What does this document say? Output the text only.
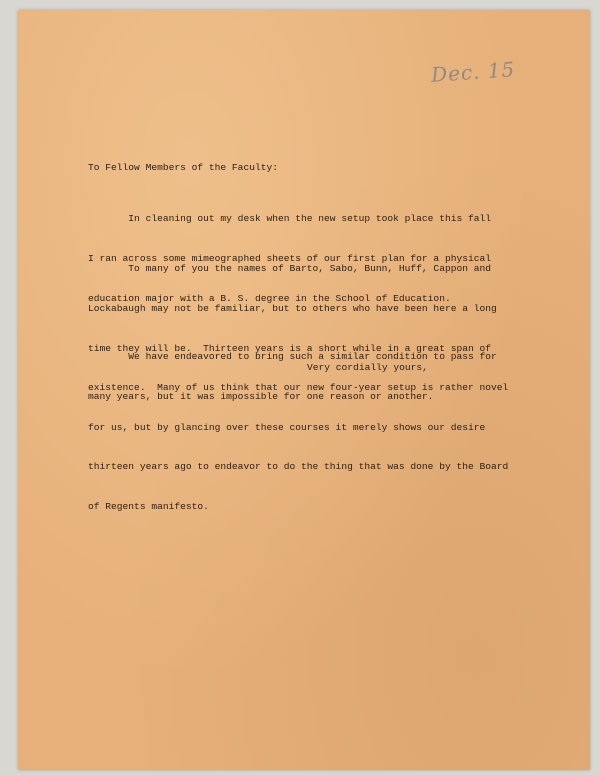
Dec. 15
To Fellow Members of the Faculty:

In cleaning out my desk when the new setup took place this fall

I ran across some mimeographed sheets of our first plan for a physical

education major with a B. S. degree in the School of Education.

To many of you the names of Barto, Sabo, Bunn, Huff, Cappon and

Lockabaugh may not be familiar, but to others who have been here a long

time they will be.  Thirteen years is a short while in a great span of

existence.  Many of us think that our new four-year setup is rather novel

for us, but by glancing over these courses it merely shows our desire

thirteen years ago to endeavor to do the thing that was done by the Board

of Regents manifesto.

We have endeavored to bring such a similar condition to pass for

many years, but it was impossible for one reason or another.

Very cordially yours,
